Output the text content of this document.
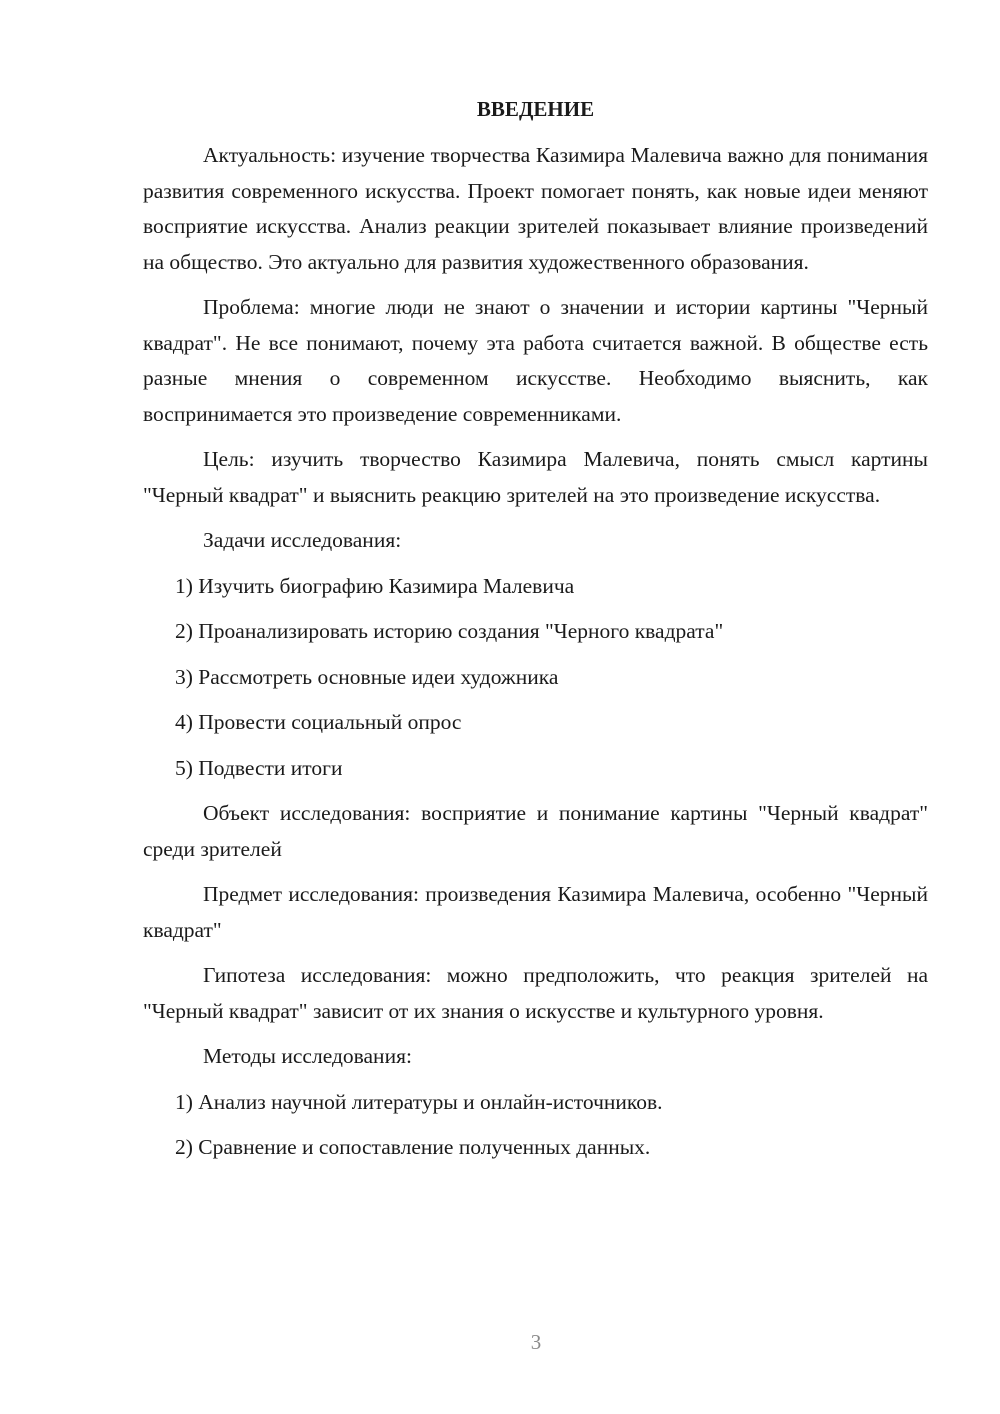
ВВЕДЕНИЕ

Актуальность: изучение творчества Казимира Малевича важно для понимания развития современного искусства. Проект помогает понять, как новые идеи меняют восприятие искусства. Анализ реакции зрителей показывает влияние произведений на общество. Это актуально для развития художественного образования.

Проблема: многие люди не знают о значении и истории картины "Черный квадрат". Не все понимают, почему эта работа считается важной. В обществе есть разные мнения о современном искусстве. Необходимо выяснить, как воспринимается это произведение современниками.

Цель: изучить творчество Казимира Малевича, понять смысл картины "Черный квадрат" и выяснить реакцию зрителей на это произведение искусства.

Задачи исследования:

1) Изучить биографию Казимира Малевича
2) Проанализировать историю создания "Черного квадрата"
3) Рассмотреть основные идеи художника
4) Провести социальный опрос
5) Подвести итоги

Объект исследования: восприятие и понимание картины "Черный квадрат" среди зрителей

Предмет исследования: произведения Казимира Малевича, особенно "Черный квадрат"

Гипотеза исследования: можно предположить, что реакция зрителей на "Черный квадрат" зависит от их знания о искусстве и культурного уровня.

Методы исследования:

1) Анализ научной литературы и онлайн-источников.
2) Сравнение и сопоставление полученных данных.
3
